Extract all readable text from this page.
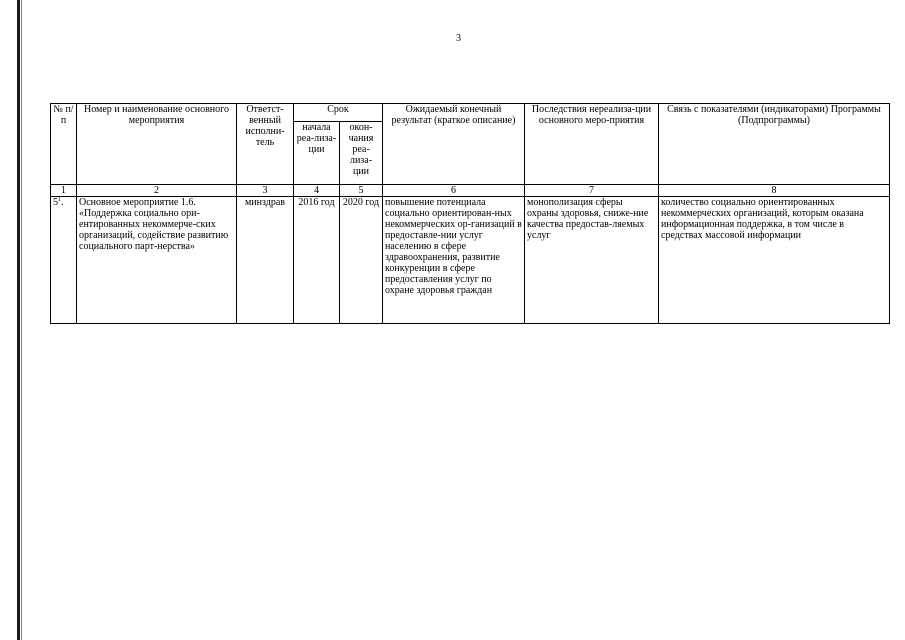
3
№ п/п	Номер и наименование основного мероприятия	Ответст-венный исполни-тель	Срок		Ожидаемый конечный результат (краткое описание)	Последствия нереализа-ции основного меро-приятия	Связь с показателями (индикаторами) Программы (Подпрограммы)
			начала реа-лиза-ции	окон-чания реа-лиза-ции			
1	2	3	4	5	6	7	8
$5^1$.	Основное мероприятие 1.6. «Поддержка социально ори-ентированных некоммерче-ских организаций, содействие развитию социального парт-нерства»	минздрав	2016 год	2020 год	повышение потенциала социально ориентирован-ных некоммерческих ор-ганизаций в предоставле-нии услуг населению в сфере здравоохранения, развитие конкуренции в сфере предоставления услуг по охране здоровья граждан	монополизация сферы охраны здоровья, сниже-ние качества предостав-ляемых услуг	количество социально ориентированных некоммерческих организаций, которым оказана информационная поддержка, в том числе в средствах массовой информации
